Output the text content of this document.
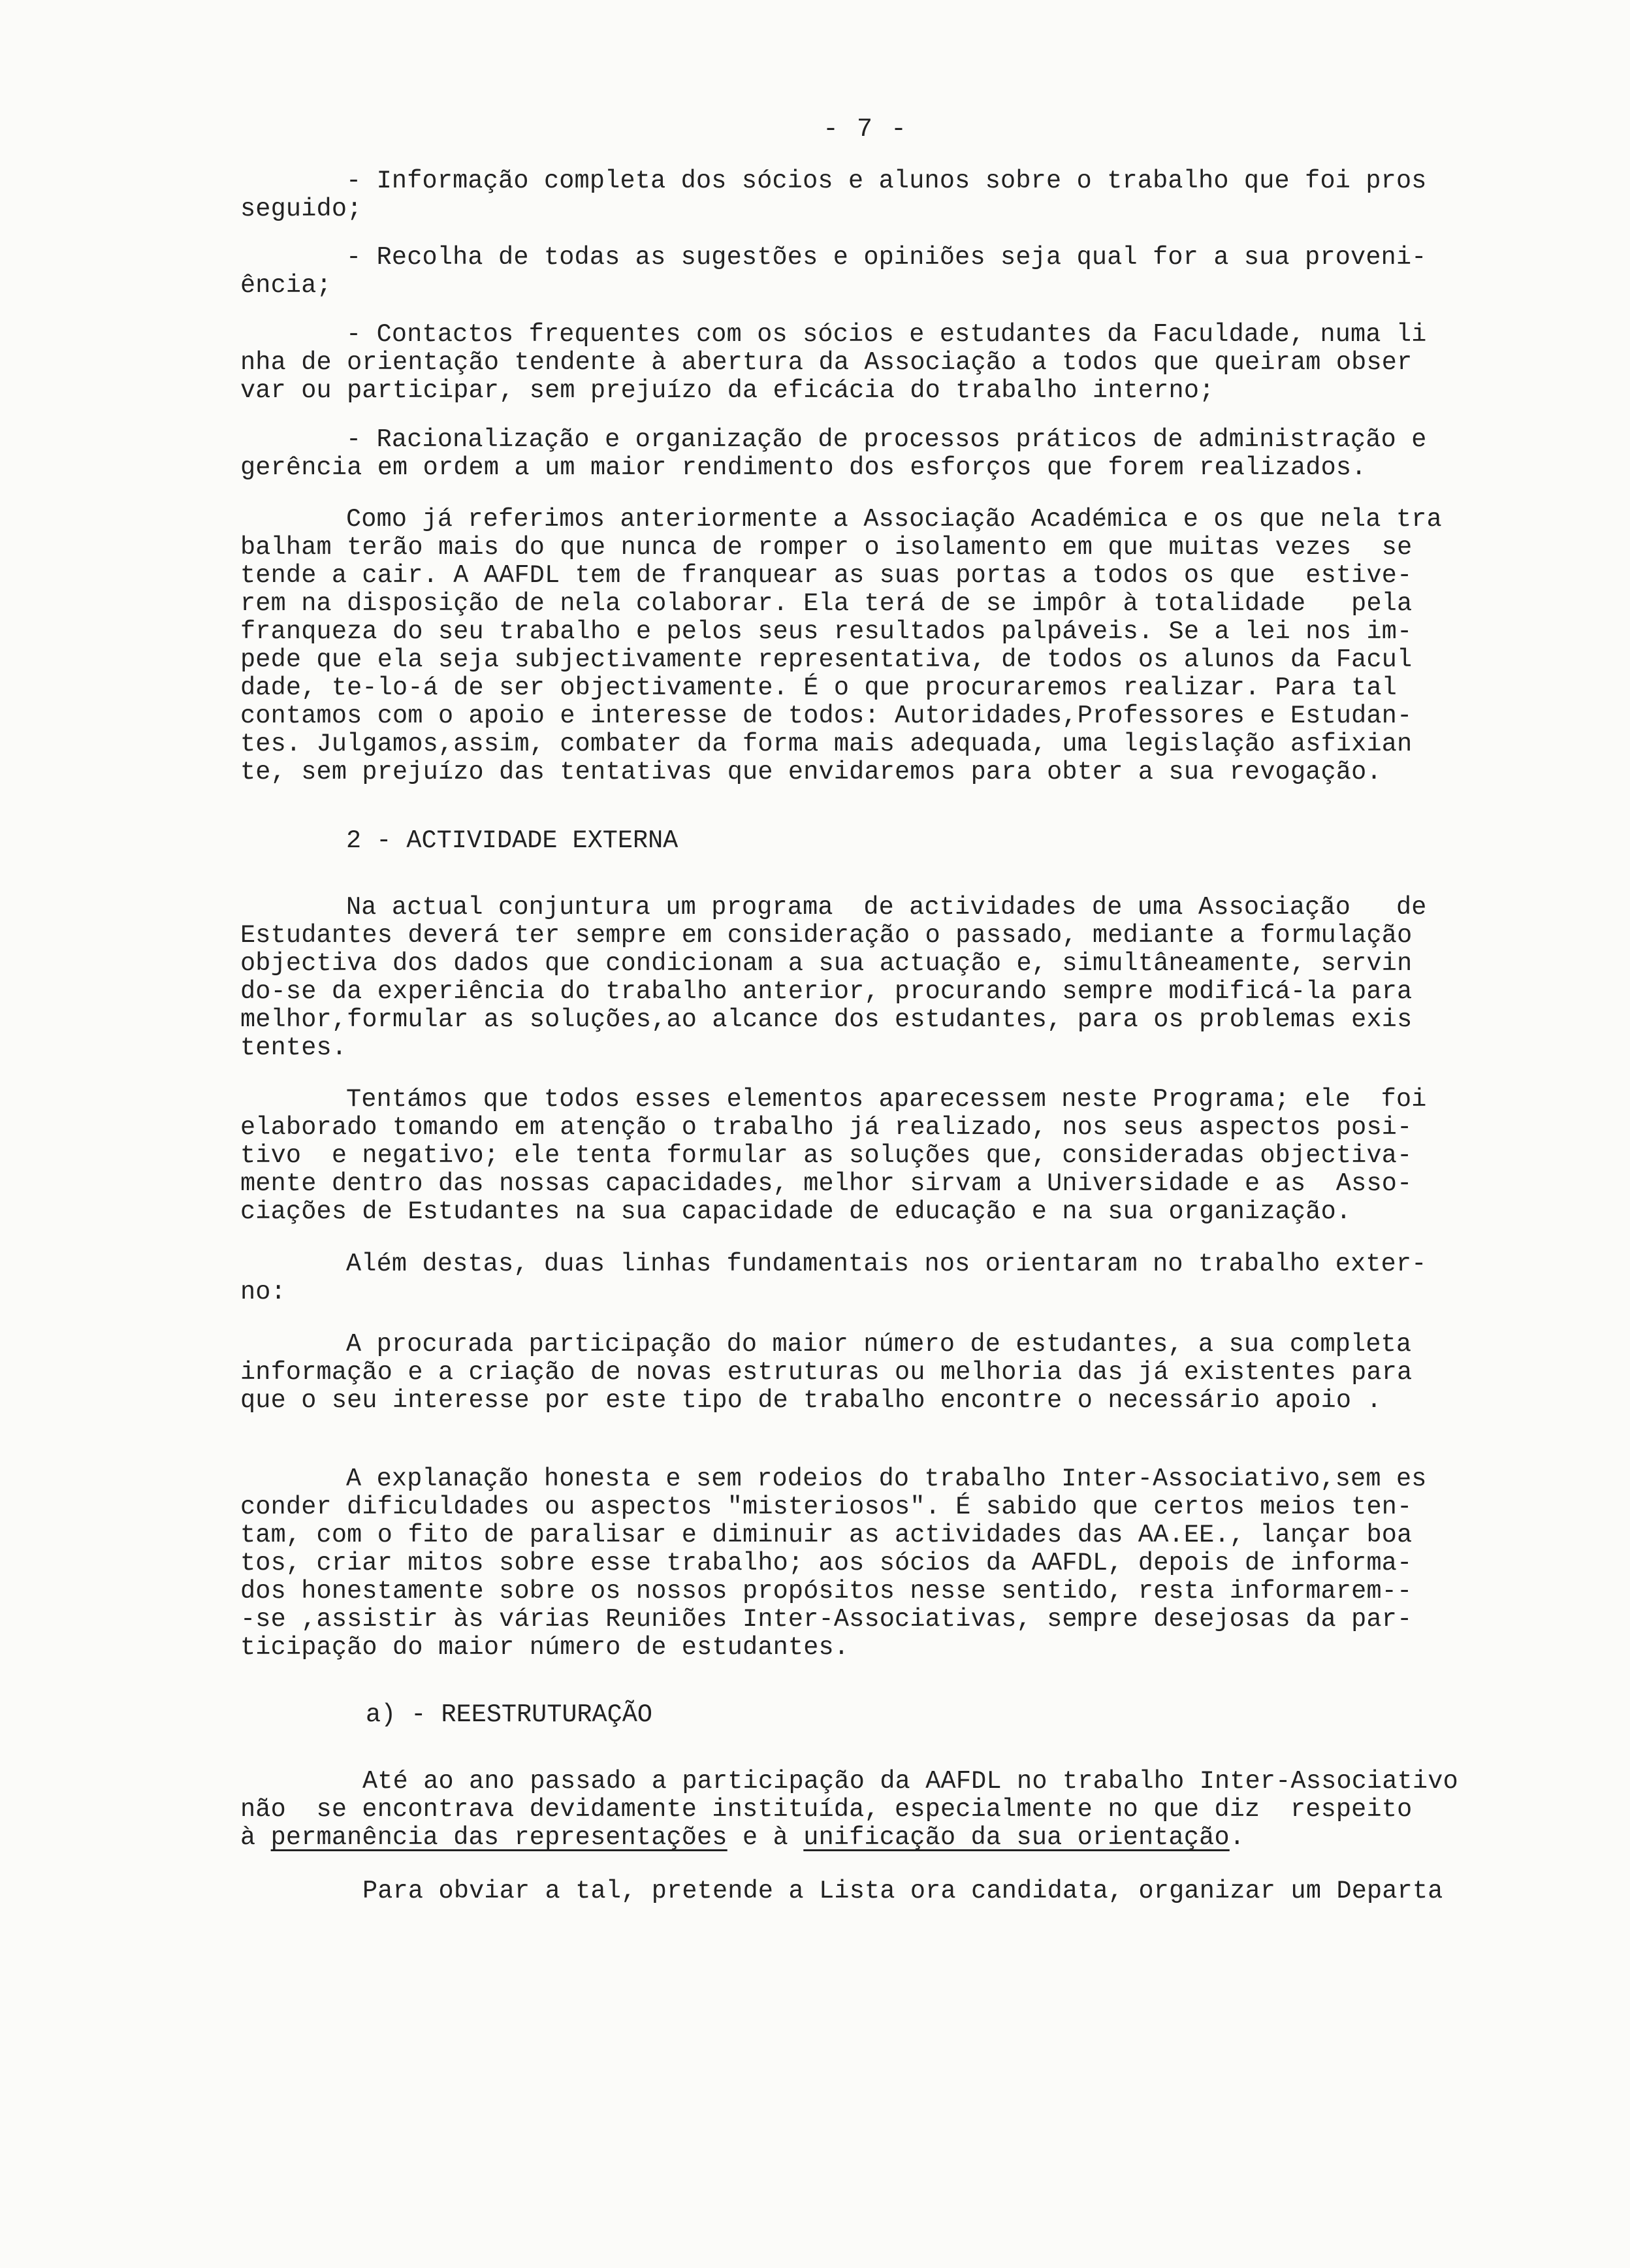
- 7 -
- Informação completa dos sócios e alunos sobre o trabalho que foi pros
seguido;
- Recolha de todas as sugestões e opiniões seja qual for a sua proveni-
ência;
- Contactos frequentes com os sócios e estudantes da Faculdade, numa li
nha de orientação tendente à abertura da Associação a todos que queiram obser
var ou participar, sem prejuízo da eficácia do trabalho interno;
- Racionalização e organização de processos práticos de administração e
gerência em ordem a um maior rendimento dos esforços que forem realizados.
Como já referimos anteriormente a Associação Académica e os que nela tra
balham terão mais do que nunca de romper o isolamento em que muitas vezes  se
tende a cair. A AAFDL tem de franquear as suas portas a todos os que  estive-
rem na disposição de nela colaborar. Ela terá de se impôr à totalidade   pela
franqueza do seu trabalho e pelos seus resultados palpáveis. Se a lei nos im-
pede que ela seja subjectivamente representativa, de todos os alunos da Facul
dade, te-lo-á de ser objectivamente. É o que procuraremos realizar. Para tal
contamos com o apoio e interesse de todos: Autoridades,Professores e Estudan-
tes. Julgamos,assim, combater da forma mais adequada, uma legislação asfixian
te, sem prejuízo das tentativas que envidaremos para obter a sua revogação.
2 - ACTIVIDADE EXTERNA
Na actual conjuntura um programa  de actividades de uma Associação   de
Estudantes deverá ter sempre em consideração o passado, mediante a formulação
objectiva dos dados que condicionam a sua actuação e, simultâneamente, servin
do-se da experiência do trabalho anterior, procurando sempre modificá-la para
melhor,formular as soluções,ao alcance dos estudantes, para os problemas exis
tentes.
Tentámos que todos esses elementos aparecessem neste Programa; ele  foi
elaborado tomando em atenção o trabalho já realizado, nos seus aspectos posi-
tivo  e negativo; ele tenta formular as soluções que, consideradas objectiva-
mente dentro das nossas capacidades, melhor sirvam a Universidade e as  Asso-
ciações de Estudantes na sua capacidade de educação e na sua organização.
Além destas, duas linhas fundamentais nos orientaram no trabalho exter-
no:
A procurada participação do maior número de estudantes, a sua completa
informação e a criação de novas estruturas ou melhoria das já existentes para
que o seu interesse por este tipo de trabalho encontre o necessário apoio .
A explanação honesta e sem rodeios do trabalho Inter-Associativo,sem es
conder dificuldades ou aspectos "misteriosos". É sabido que certos meios ten-
tam, com o fito de paralisar e diminuir as actividades das AA.EE., lançar boa
tos, criar mitos sobre esse trabalho; aos sócios da AAFDL, depois de informa-
dos honestamente sobre os nossos propósitos nesse sentido, resta informarem--
-se ,assistir às várias Reuniões Inter-Associativas, sempre desejosas da par-
ticipação do maior número de estudantes.
a) - REESTRUTURAÇÃO
Até ao ano passado a participação da AAFDL no trabalho Inter-Associativo
não  se encontrava devidamente instituída, especialmente no que diz  respeito
à permanência das representações e à unificação da sua orientação.
Para obviar a tal, pretende a Lista ora candidata, organizar um Departa
